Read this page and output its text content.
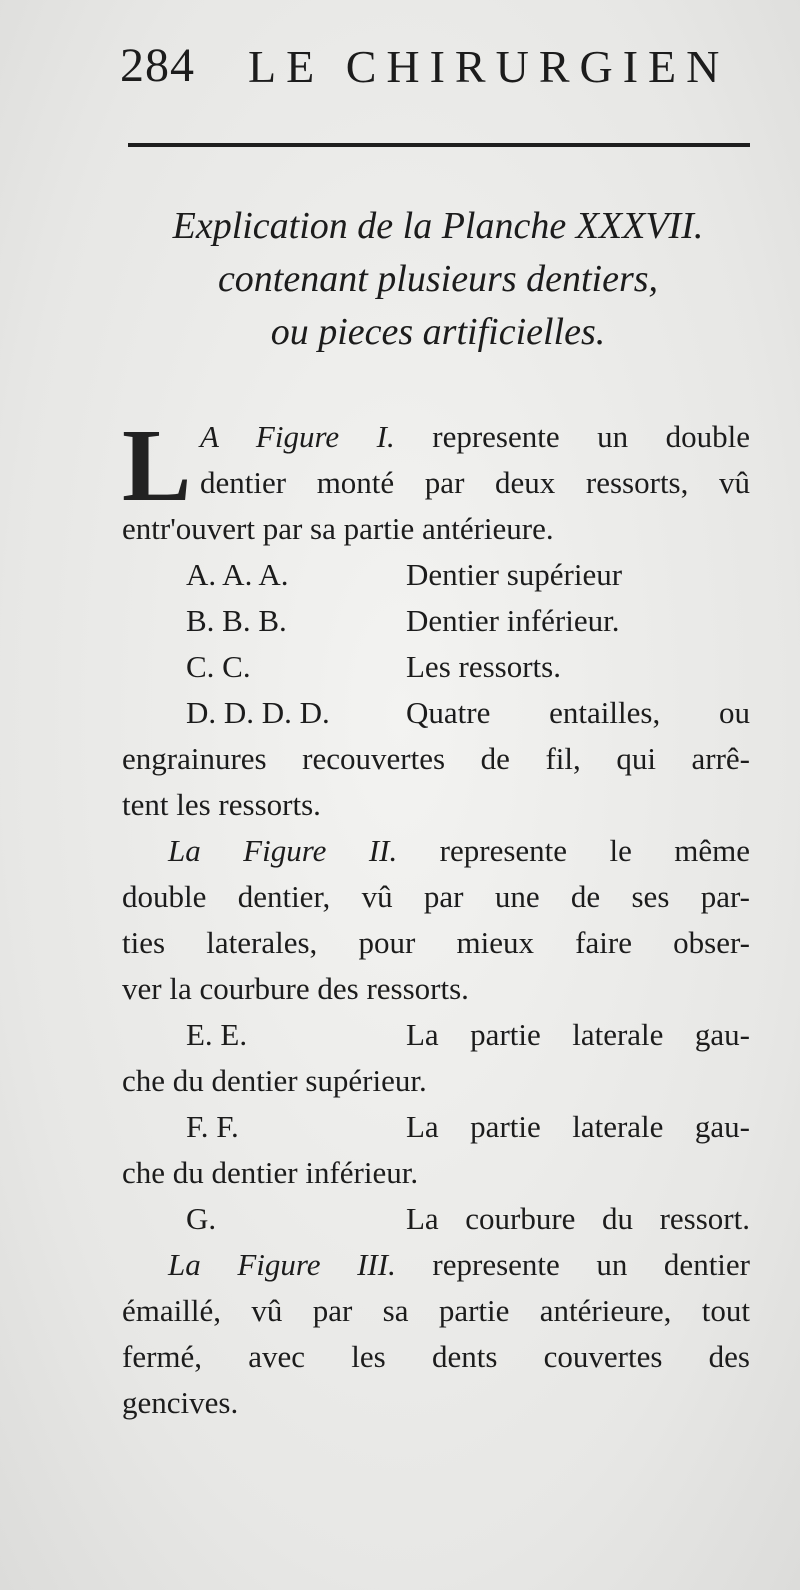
284 LE CHIRURGIEN
Explication de la Planche XXXVII.
contenant plusieurs dentiers,
ou pieces artificielles.
L A Figure I. represente un double
dentier monté par deux ressorts, vû
entr'ouvert par sa partie antérieure.
A. A. A.	Dentier supérieur
B. B. B.	Dentier inférieur.
C. C.	Les ressorts.
D. D. D. D. Quatre entailles, ou
engrainures recouvertes de fil, qui arrê-
tent les ressorts.
La Figure II. represente le même
double dentier, vû par une de ses par-
ties laterales, pour mieux faire obser-
ver la courbure des ressorts.
E. E.	La partie laterale gau-
che du dentier supérieur.
F. F.	La partie laterale gau-
che du dentier inférieur.
G.	La courbure du ressort.
La Figure III. represente un dentier
émaillé, vû par sa partie antérieure, tout
fermé, avec les dents couvertes des
gencives.
